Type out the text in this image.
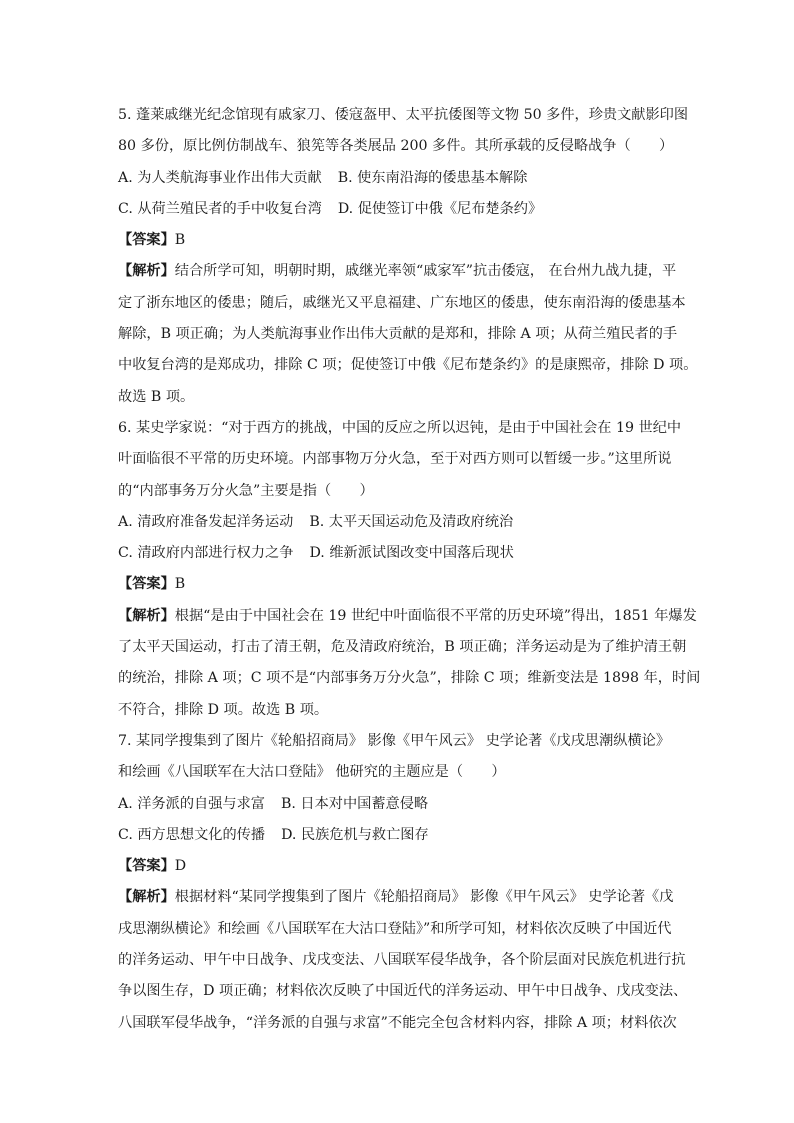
5. 蓬莱戚继光纪念馆现有戚家刀、倭寇盔甲、太平抗倭图等文物 50 多件，珍贵文献影印图
80 多份，原比例仿制战车、狼筅等各类展品 200 多件。其所承载的反侵略战争（　　）
A. 为人类航海事业作出伟大贡献 B. 使东南沿海的倭患基本解除
C. 从荷兰殖民者的手中收复台湾 D. 促使签订中俄《尼布楚条约》
【答案】B
【解析】结合所学可知，明朝时期，戚继光率领“戚家军”抗击倭寇， 在台州九战九捷，平
定了浙东地区的倭患；随后，戚继光又平息福建、广东地区的倭患，使东南沿海的倭患基本
解除，B 项正确；为人类航海事业作出伟大贡献的是郑和，排除 A 项；从荷兰殖民者的手
中收复台湾的是郑成功，排除 C 项；促使签订中俄《尼布楚条约》的是康熙帝，排除 D 项。
故选 B 项。
6. 某史学家说：“对于西方的挑战，中国的反应之所以迟钝，是由于中国社会在 19 世纪中
叶面临很不平常的历史环境。内部事物万分火急，至于对西方则可以暂缓一步。”这里所说
的“内部事务万分火急”主要是指（　　）
A. 清政府准备发起洋务运动 B. 太平天国运动危及清政府统治
C. 清政府内部进行权力之争 D. 维新派试图改变中国落后现状
【答案】B
【解析】根据“是由于中国社会在 19 世纪中叶面临很不平常的历史环境”得出，1851 年爆发
了太平天国运动，打击了清王朝，危及清政府统治，B 项正确；洋务运动是为了维护清王朝
的统治，排除 A 项；C 项不是“内部事务万分火急”，排除 C 项；维新变法是 1898 年，时间
不符合，排除 D 项。故选 B 项。
7. 某同学搜集到了图片《轮船招商局》 影像《甲午风云》 史学论著《戊戌思潮纵横论》
和绘画《八国联军在大沽口登陆》 他研究的主题应是（　　）
A. 洋务派的自强与求富 B. 日本对中国蓄意侵略
C. 西方思想文化的传播 D. 民族危机与救亡图存
【答案】D
【解析】根据材料“某同学搜集到了图片《轮船招商局》 影像《甲午风云》 史学论著《戊
戌思潮纵横论》和绘画《八国联军在大沽口登陆》”和所学可知，材料依次反映了中国近代
的洋务运动、甲午中日战争、戊戌变法、八国联军侵华战争，各个阶层面对民族危机进行抗
争以图生存，D 项正确；材料依次反映了中国近代的洋务运动、甲午中日战争、戊戌变法、
八国联军侵华战争，“洋务派的自强与求富”不能完全包含材料内容，排除 A 项；材料依次
